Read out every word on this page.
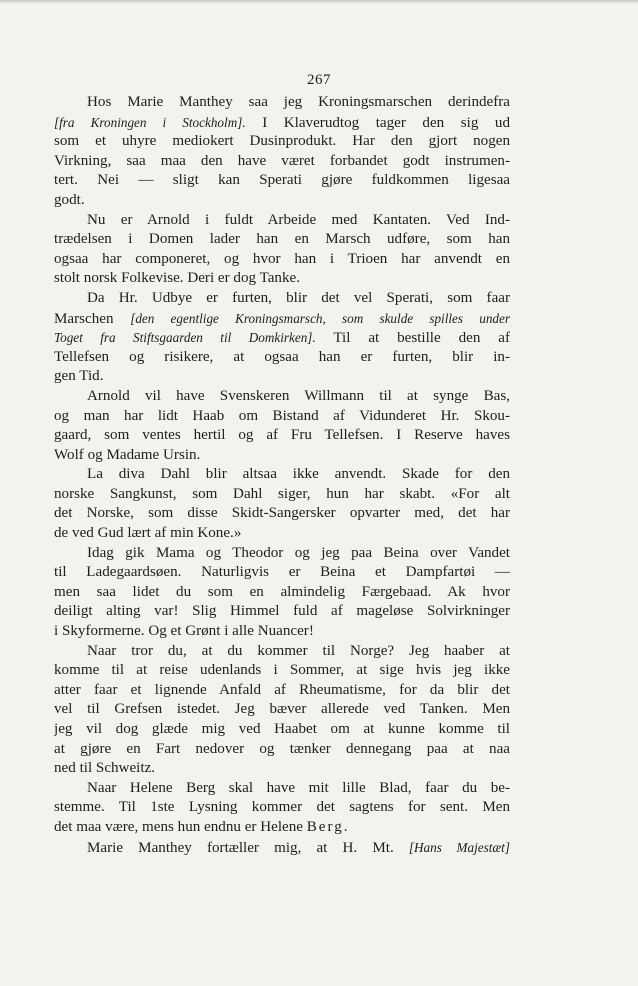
267
Hos Marie Manthey saa jeg Kroningsmarschen derindefra
[fra Kroningen i Stockholm]. I Klaverudtog tager den sig ud
som et uhyre mediokert Dusinprodukt. Har den gjort nogen
Virkning, saa maa den have været forbandet godt instrumen-
tert. Nei — sligt kan Sperati gjøre fuldkommen ligesaa
godt.
Nu er Arnold i fuldt Arbeide med Kantaten. Ved Ind-
trædelsen i Domen lader han en Marsch udføre, som han
ogsaa har componeret, og hvor han i Trioen har anvendt en
stolt norsk Folkevise. Deri er dog Tanke.
Da Hr. Udbye er furten, blir det vel Sperati, som faar
Marschen [den egentlige Kroningsmarsch, som skulde spilles under
Toget fra Stiftsgaarden til Domkirken]. Til at bestille den af
Tellefsen og risikere, at ogsaa han er furten, blir in-
gen Tid.
Arnold vil have Svenskeren Willmann til at synge Bas,
og man har lidt Haab om Bistand af Vidunderet Hr. Skou-
gaard, som ventes hertil og af Fru Tellefsen. I Reserve haves
Wolf og Madame Ursin.
La diva Dahl blir altsaa ikke anvendt. Skade for den
norske Sangkunst, som Dahl siger, hun har skabt. «For alt
det Norske, som disse Skidt-Sangersker opvarter med, det har
de ved Gud lært af min Kone.»
Idag gik Mama og Theodor og jeg paa Beina over Vandet
til Ladegaardsøen. Naturligvis er Beina et Dampfartøi —
men saa lidet du som en almindelig Færgebaad. Ak hvor
deiligt alting var! Slig Himmel fuld af mageløse Solvirkninger
i Skyformerne. Og et Grønt i alle Nuancer!
Naar tror du, at du kommer til Norge? Jeg haaber at
komme til at reise udenlands i Sommer, at sige hvis jeg ikke
atter faar et lignende Anfald af Rheumatisme, for da blir det
vel til Grefsen istedet. Jeg bæver allerede ved Tanken. Men
jeg vil dog glæde mig ved Haabet om at kunne komme til
at gjøre en Fart nedover og tænker dennegang paa at naa
ned til Schweitz.
Naar Helene Berg skal have mit lille Blad, faar du be-
stemme. Til 1ste Lysning kommer det sagtens for sent. Men
det maa være, mens hun endnu er Helene Berg.
Marie Manthey fortæller mig, at H. Mt. [Hans Majestæt]
